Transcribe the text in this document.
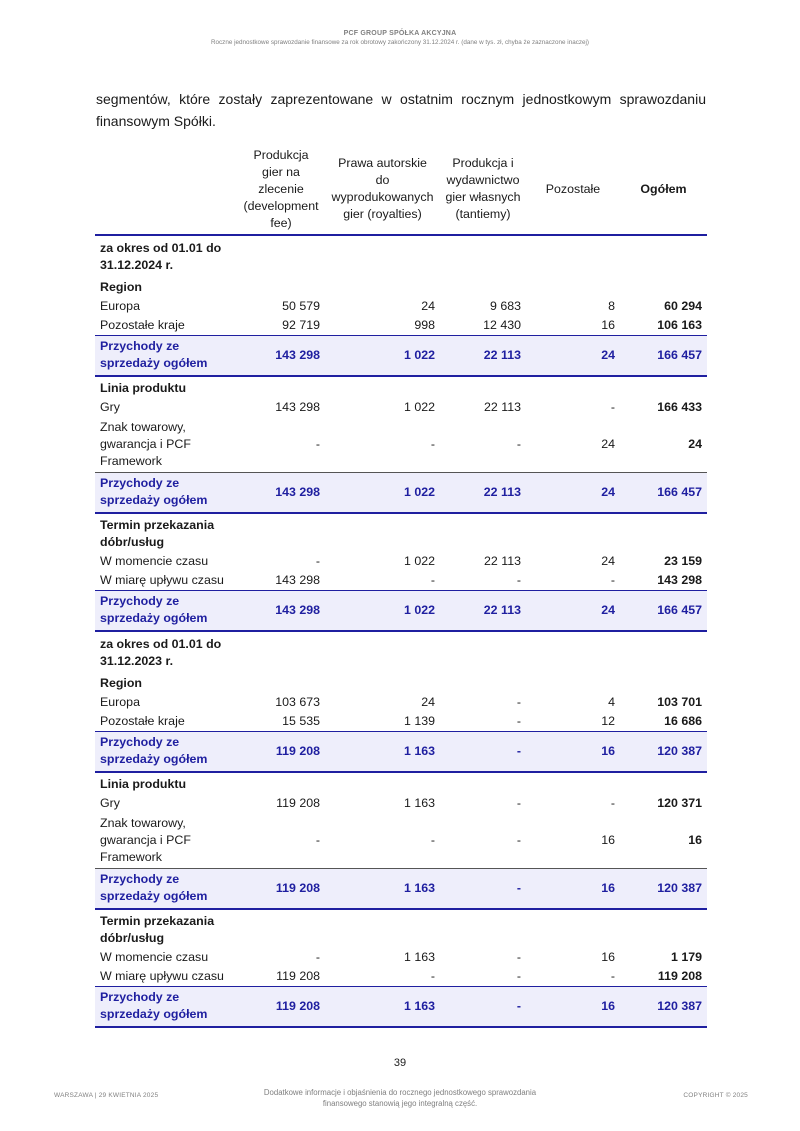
PCF GROUP SPÓŁKA AKCYJNA
Roczne jednostkowe sprawozdanie finansowe za rok obrotowy zakończony 31.12.2024 r. (dane w tys. zł, chyba że zaznaczone inaczej)
segmentów, które zostały zaprezentowane w ostatnim rocznym jednostkowym sprawozdaniu finansowym Spółki.
	Produkcja gier na zlecenie (development fee)	Prawa autorskie do wyprodukowanych gier (royalties)	Produkcja i wydawnictwo gier własnych (tantiemy)	Pozostałe	Ogółem
za okres od 01.01 do 31.12.2024 r.					
Region					
Europa	50 579	24	9 683	8	60 294
Pozostałe kraje	92 719	998	12 430	16	106 163
Przychody ze sprzedaży ogółem	143 298	1 022	22 113	24	166 457
Linia produktu					
Gry	143 298	1 022	22 113	-	166 433
Znak towarowy, gwarancja i PCF Framework	-	-	-	24	24
Przychody ze sprzedaży ogółem	143 298	1 022	22 113	24	166 457
Termin przekazania dóbr/usług					
W momencie czasu	-	1 022	22 113	24	23 159
W miarę upływu czasu	143 298	-	-	-	143 298
Przychody ze sprzedaży ogółem	143 298	1 022	22 113	24	166 457
za okres od 01.01 do 31.12.2023 r.					
Region					
Europa	103 673	24	-	4	103 701
Pozostałe kraje	15 535	1 139	-	12	16 686
Przychody ze sprzedaży ogółem	119 208	1 163	-	16	120 387
Linia produktu					
Gry	119 208	1 163	-	-	120 371
Znak towarowy, gwarancja i PCF Framework	-	-	-	16	16
Przychody ze sprzedaży ogółem	119 208	1 163	-	16	120 387
Termin przekazania dóbr/usług					
W momencie czasu	-	1 163	-	16	1 179
W miarę upływu czasu	119 208	-	-	-	119 208
Przychody ze sprzedaży ogółem	119 208	1 163	-	16	120 387
39
WARSZAWA | 29 KWIETNIA 2025	Dodatkowe informacje i objaśnienia do rocznego jednostkowego sprawozdania finansowego stanowią jego integralną część.
COPYRIGHT © 2025
